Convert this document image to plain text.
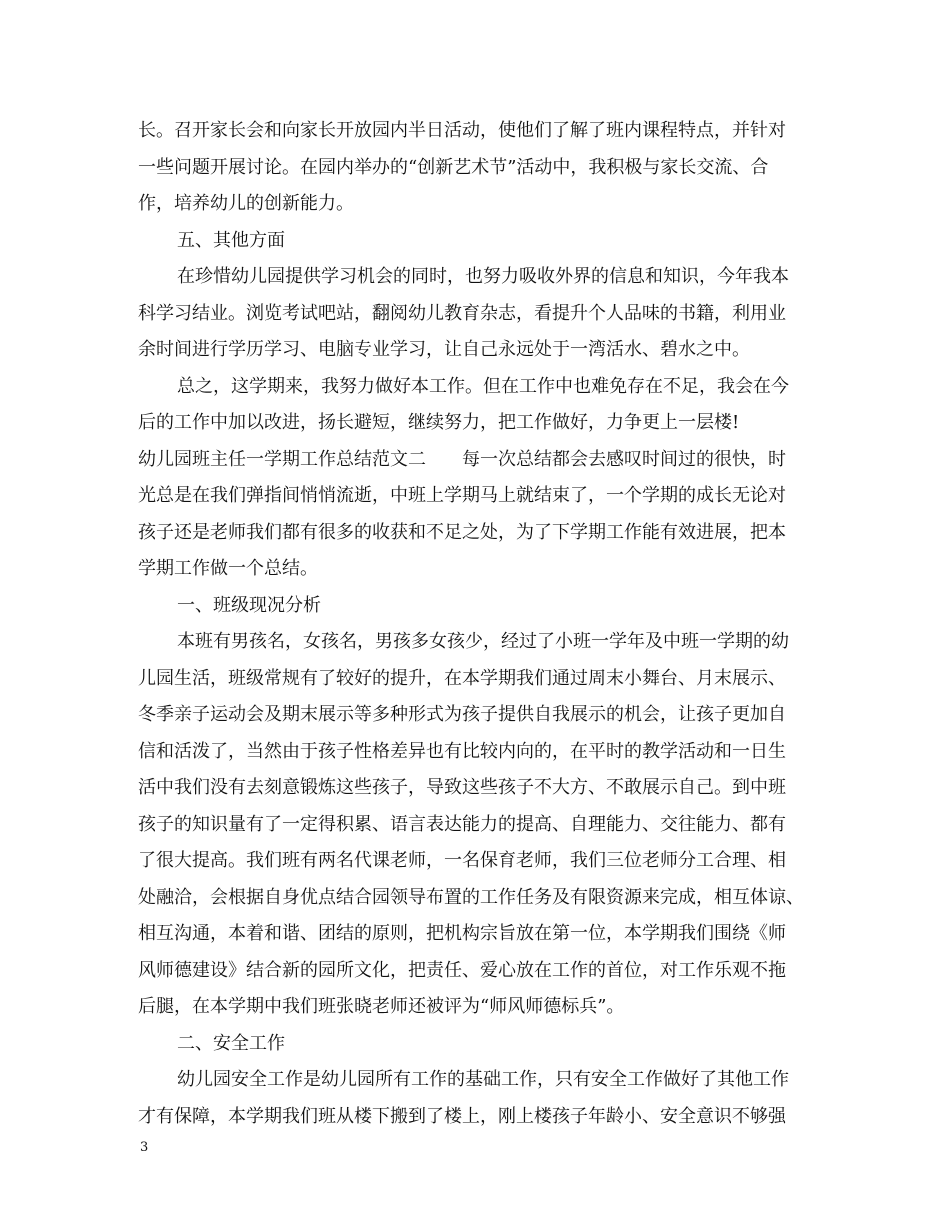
长。召开家长会和向家长开放园内半日活动，使他们了解了班内课程特点，并针对

一些问题开展讨论。在园内举办的“创新艺术节”活动中，我积极与家长交流、合

作，培养幼儿的创新能力。

五、其他方面

在珍惜幼儿园提供学习机会的同时，也努力吸收外界的信息和知识，今年我本

科学习结业。浏览考试吧站，翻阅幼儿教育杂志，看提升个人品味的书籍，利用业

余时间进行学历学习、电脑专业学习，让自己永远处于一湾活水、碧水之中。

总之，这学期来，我努力做好本工作。但在工作中也难免存在不足，我会在今

后的工作中加以改进，扬长避短，继续努力，把工作做好，力争更上一层楼!

幼儿园班主任一学期工作总结范文二　　每一次总结都会去感叹时间过的很快，时

光总是在我们弹指间悄悄流逝，中班上学期马上就结束了，一个学期的成长无论对

孩子还是老师我们都有很多的收获和不足之处，为了下学期工作能有效进展，把本

学期工作做一个总结。

一、班级现况分析

本班有男孩名，女孩名，男孩多女孩少，经过了小班一学年及中班一学期的幼

儿园生活，班级常规有了较好的提升，在本学期我们通过周末小舞台、月末展示、

冬季亲子运动会及期末展示等多种形式为孩子提供自我展示的机会，让孩子更加自

信和活泼了，当然由于孩子性格差异也有比较内向的，在平时的教学活动和一日生

活中我们没有去刻意锻炼这些孩子，导致这些孩子不大方、不敢展示自己。到中班

孩子的知识量有了一定得积累、语言表达能力的提高、自理能力、交往能力、都有

了很大提高。我们班有两名代课老师，一名保育老师，我们三位老师分工合理、相

处融洽，会根据自身优点结合园领导布置的工作任务及有限资源来完成，相互体谅、

相互沟通，本着和谐、团结的原则，把机构宗旨放在第一位，本学期我们围绕《师

风师德建设》结合新的园所文化，把责任、爱心放在工作的首位，对工作乐观不拖

后腿，在本学期中我们班张晓老师还被评为“师风师德标兵”。

二、安全工作

幼儿园安全工作是幼儿园所有工作的基础工作，只有安全工作做好了其他工作

才有保障，本学期我们班从楼下搬到了楼上，刚上楼孩子年龄小、安全意识不够强

3
